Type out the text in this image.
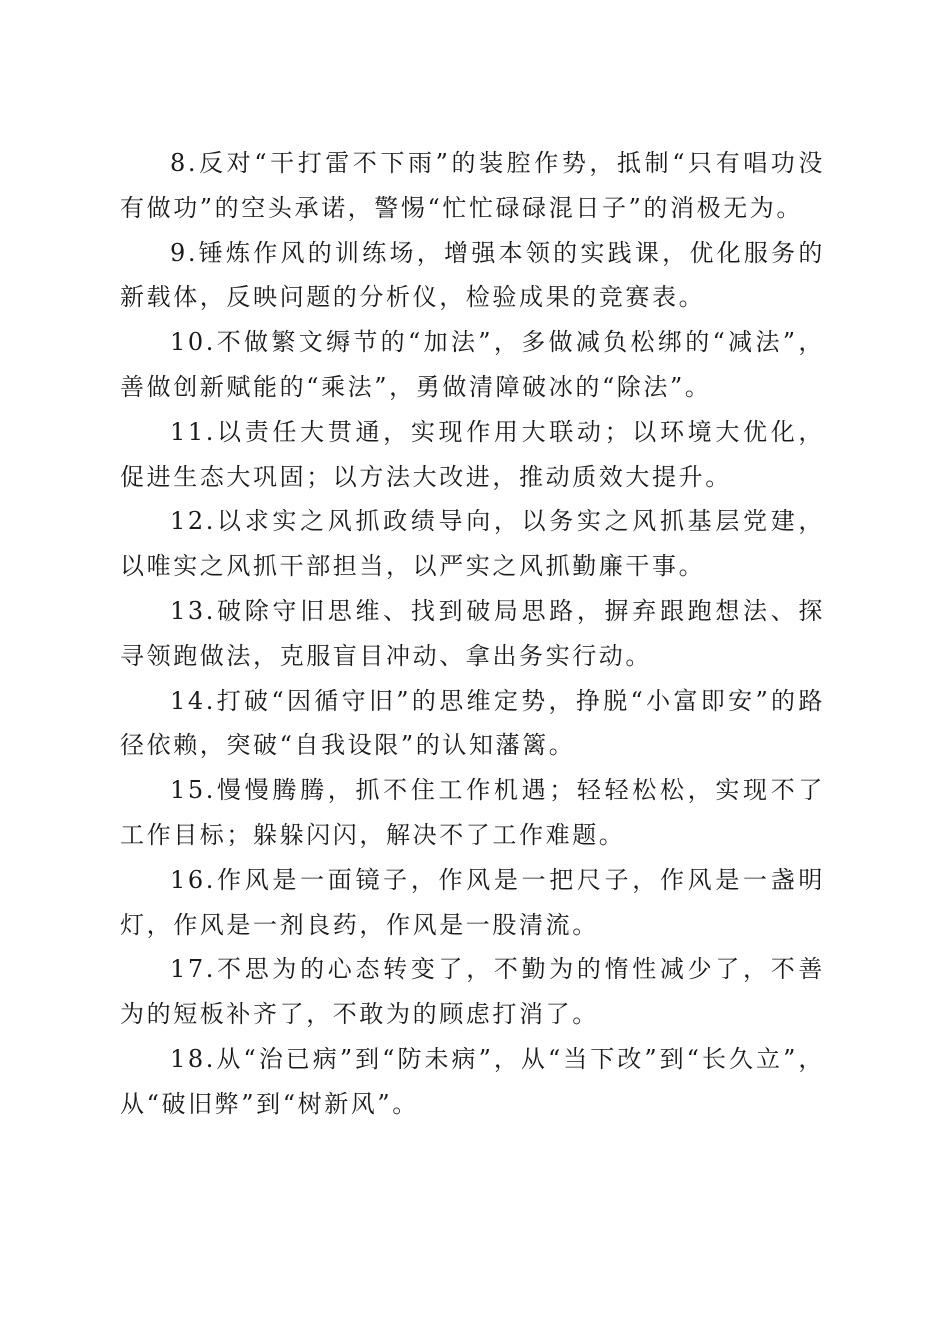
8.反对“干打雷不下雨”的装腔作势，抵制“只有唱功没有做功”的空头承诺，警惕“忙忙碌碌混日子”的消极无为。

9.锤炼作风的训练场，增强本领的实践课，优化服务的新载体，反映问题的分析仪，检验成果的竞赛表。

10.不做繁文缛节的“加法”，多做减负松绑的“减法”，善做创新赋能的“乘法”，勇做清障破冰的“除法”。

11.以责任大贯通，实现作用大联动；以环境大优化，促进生态大巩固；以方法大改进，推动质效大提升。

12.以求实之风抓政绩导向，以务实之风抓基层党建，以唯实之风抓干部担当，以严实之风抓勤廉干事。

13.破除守旧思维、找到破局思路，摒弃跟跑想法、探寻领跑做法，克服盲目冲动、拿出务实行动。

14.打破“因循守旧”的思维定势，挣脱“小富即安”的路径依赖，突破“自我设限”的认知藩篱。

15.慢慢腾腾，抓不住工作机遇；轻轻松松，实现不了工作目标；躲躲闪闪，解决不了工作难题。

16.作风是一面镜子，作风是一把尺子，作风是一盏明灯，作风是一剂良药，作风是一股清流。

17.不思为的心态转变了，不勤为的惰性减少了，不善为的短板补齐了，不敢为的顾虑打消了。

18.从“治已病”到“防未病”，从“当下改”到“长久立”，从“破旧弊”到“树新风”。
